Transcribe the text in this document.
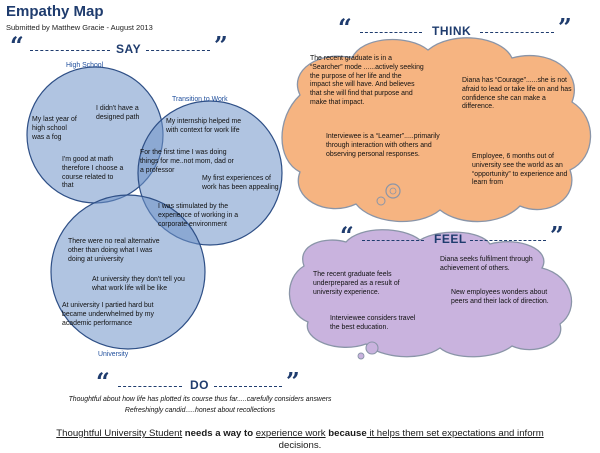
Empathy Map
Submitted by Matthew Gracie - August 2013
“	SAY	”
High School
Transition to Work
University
My last year of
high school
was a fog
I didn't have a
designed path
I'm good at math
therefore I choose a
course related to
that
My internship helped me
with context for work life
For the first time I was doing
things for me..not mom, dad or
a professor
My first experiences of
work has been appealing
I was stimulated by the
experience of working in a
corporate environment
There were no real alternative
other than doing what I was
doing at university
At university they don't tell you
what work life will be like
At university I partied hard but
became underwhelmed by my
academic performance
“	THINK	”
The recent graduate is in a
“Searcher” mode ......actively seeking
the purpose of her life and the
impact she will have. And believes
that she will find that purpose and
make that impact.
Diana has “Courage”......she is not
afraid to lead or take life on and has
confidence she can make a
difference.
Interviewee is a “Learner”.....primarily
through interaction with others and
observing personal responses.	Employee, 6 months out of
university see the world as an
“opportunity” to experience and
learn from
“	FEEL	”
Diana seeks fulfilment through
achievement of others.
The recent graduate feels
underprepared as a result of
university experience.	New employees wonders about
peers and their lack of direction.
Interviewee considers travel
the best education.
“	DO	”
Thoughtful about how life has plotted its course thus far.....carefully considers answers
Refreshingly candid.....honest about recollections
Thoughtful University Student needs a way to experience work because it helps them set expectations and inform
decisions.
